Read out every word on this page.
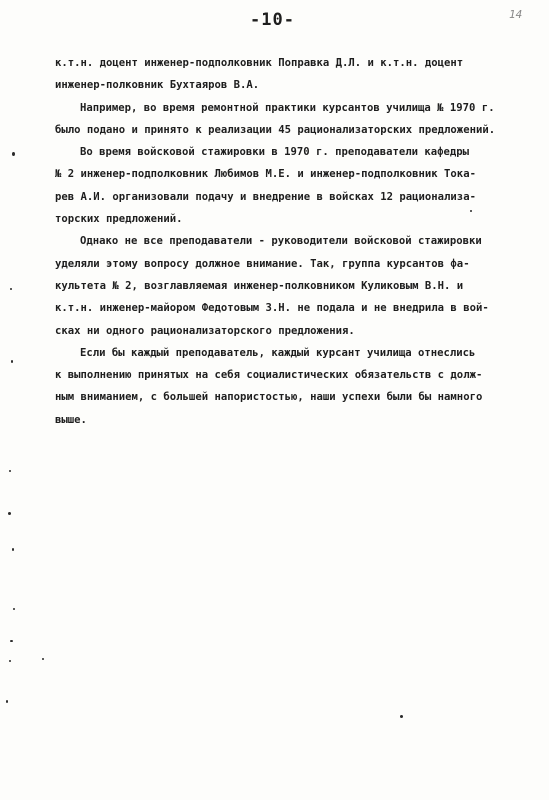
-10-	14
к.т.н. доцент инженер-подполковник Поправка Д.Л. и к.т.н. доцент
инженер-полковник Бухтаяров В.А.
Например, во время ремонтной практики курсантов училища № 1970 г.
было подано и принято к реализации 45 рационализаторских предложений.
Во время войсковой стажировки в 1970 г. преподаватели кафедры
№ 2 инженер-подполковник Любимов М.Е. и инженер-подполковник Тока-
рев А.И. организовали подачу и внедрение в войсках 12 рационализа-
торских предложений.
Однако не все преподаватели - руководители войсковой стажировки
уделяли этому вопросу должное внимание. Так, группа курсантов фа-
культета № 2, возглавляемая инженер-полковником Куликовым В.Н. и
к.т.н. инженер-майором Федотовым З.Н. не подала и не внедрила в вой-
сках ни одного рационализаторского предложения.
Если бы каждый преподаватель, каждый курсант училища отнеслись
к выполнению принятых на себя социалистических обязательств с долж-
ным вниманием, с большей напористостью, наши успехи были бы намного
выше.
